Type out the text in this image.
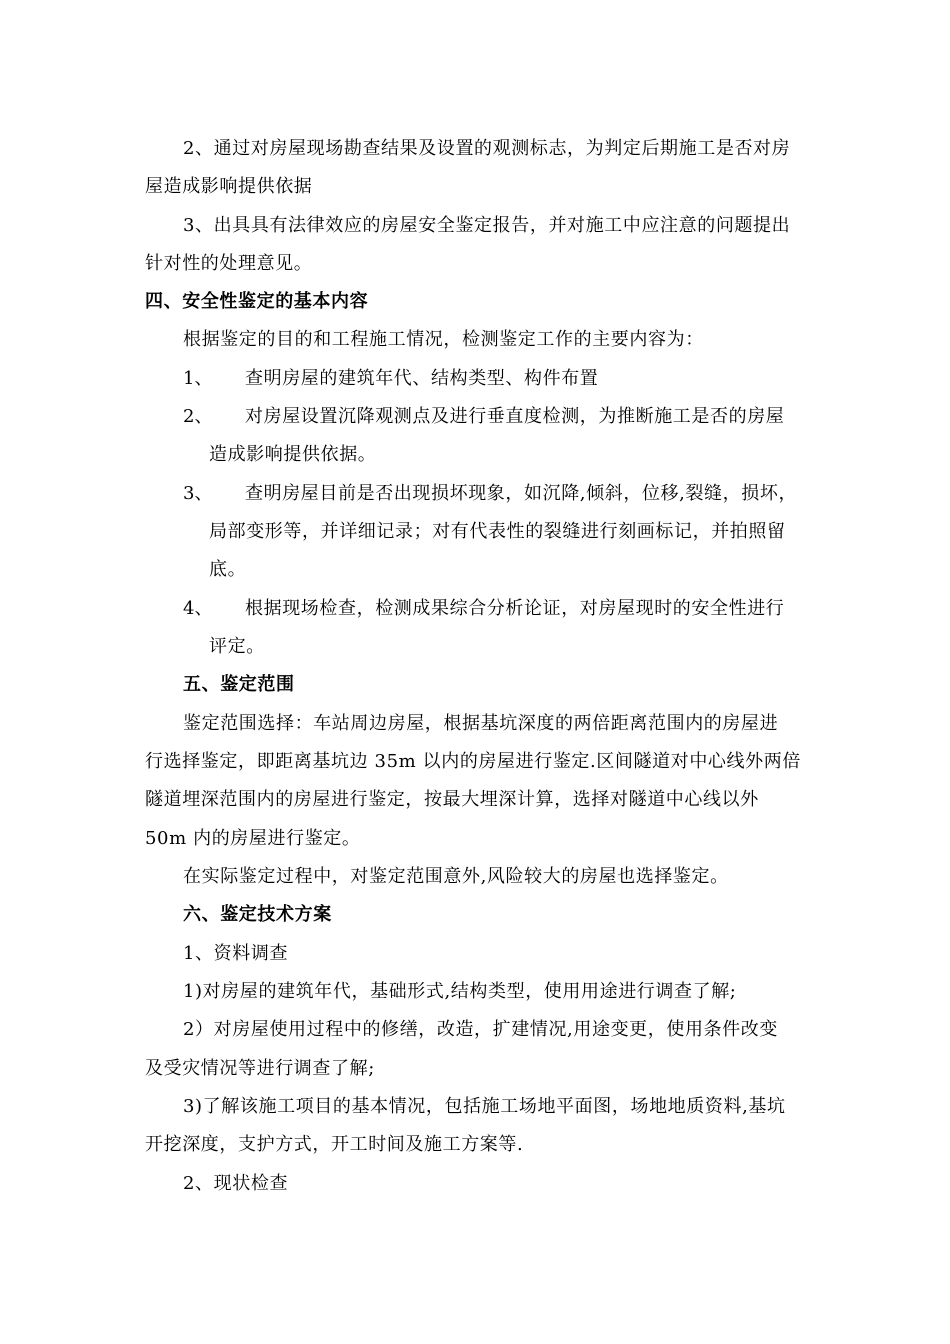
2、通过对房屋现场勘查结果及设置的观测标志，为判定后期施工是否对房
屋造成影响提供依据
3、出具具有法律效应的房屋安全鉴定报告，并对施工中应注意的问题提出
针对性的处理意见。
四、安全性鉴定的基本内容
根据鉴定的目的和工程施工情况，检测鉴定工作的主要内容为：
1、 查明房屋的建筑年代、结构类型、构件布置
2、 对房屋设置沉降观测点及进行垂直度检测，为推断施工是否的房屋
造成影响提供依据。
3、 查明房屋目前是否出现损坏现象，如沉降,倾斜，位移,裂缝，损坏，
局部变形等，并详细记录；对有代表性的裂缝进行刻画标记，并拍照留
底。
4、 根据现场检查，检测成果综合分析论证，对房屋现时的安全性进行
评定。
五、鉴定范围
鉴定范围选择：车站周边房屋，根据基坑深度的两倍距离范围内的房屋进
行选择鉴定，即距离基坑边 35m 以内的房屋进行鉴定.区间隧道对中心线外两倍
隧道埋深范围内的房屋进行鉴定，按最大埋深计算，选择对隧道中心线以外
50m 内的房屋进行鉴定。
在实际鉴定过程中，对鉴定范围意外,风险较大的房屋也选择鉴定。
六、鉴定技术方案
1、资料调查
1)对房屋的建筑年代，基础形式,结构类型，使用用途进行调查了解;
2）对房屋使用过程中的修缮，改造，扩建情况,用途变更，使用条件改变
及受灾情况等进行调查了解;
3)了解该施工项目的基本情况，包括施工场地平面图，场地地质资料,基坑
开挖深度，支护方式，开工时间及施工方案等.
2、现状检查
